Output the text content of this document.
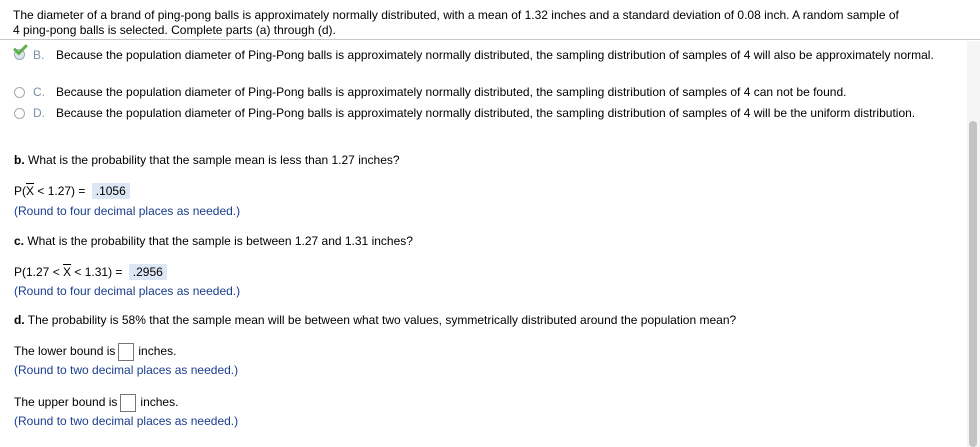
The diameter of a brand of ping-pong balls is approximately normally distributed, with a mean of 1.32 inches and a standard deviation of 0.08 inch. A random sample of
4 ping-pong balls is selected. Complete parts (a) through (d).
B. Because the population diameter of Ping-Pong balls is approximately normally distributed, the sampling distribution of samples of 4 will also be approximately normal.
C. Because the population diameter of Ping-Pong balls is approximately normally distributed, the sampling distribution of samples of 4 can not be found.
D. Because the population diameter of Ping-Pong balls is approximately normally distributed, the sampling distribution of samples of 4 will be the uniform distribution.
b. What is the probability that the sample mean is less than 1.27 inches?
$P(\overline{X} < 1.27) = .1056$
(Round to four decimal places as needed.)
c. What is the probability that the sample is between 1.27 and 1.31 inches?
$P(1.27 < \overline{X} < 1.31) = .2956$
(Round to four decimal places as needed.)
d. The probability is 58% that the sample mean will be between what two values, symmetrically distributed around the population mean?
The lower bound is inches.
(Round to two decimal places as needed.)
The upper bound is inches.
(Round to two decimal places as needed.)
